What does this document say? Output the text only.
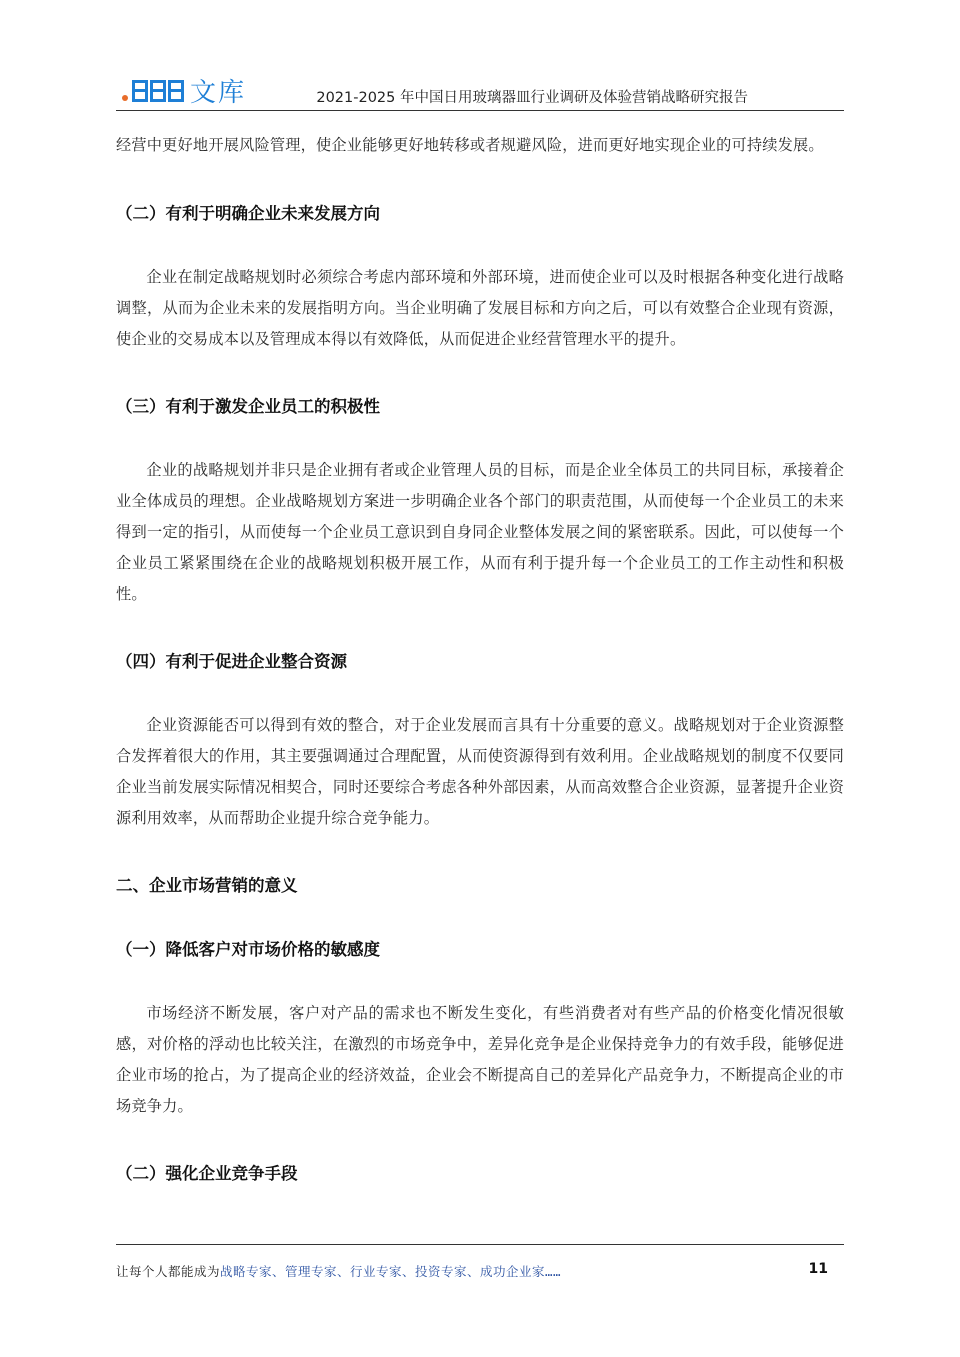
文库	2021-2025 年中国日用玻璃器皿行业调研及体验营销战略研究报告

经营中更好地开展风险管理，使企业能够更好地转移或者规避风险，进而更好地实现企业的可持续发展。

（二）有利于明确企业未来发展方向

企业在制定战略规划时必须综合考虑内部环境和外部环境，进而使企业可以及时根据各种变化进行战略调整，从而为企业未来的发展指明方向。当企业明确了发展目标和方向之后，可以有效整合企业现有资源，使企业的交易成本以及管理成本得以有效降低，从而促进企业经营管理水平的提升。

（三）有利于激发企业员工的积极性

企业的战略规划并非只是企业拥有者或企业管理人员的目标，而是企业全体员工的共同目标，承接着企业全体成员的理想。企业战略规划方案进一步明确企业各个部门的职责范围，从而使每一个企业员工的未来得到一定的指引，从而使每一个企业员工意识到自身同企业整体发展之间的紧密联系。因此，可以使每一个企业员工紧紧围绕在企业的战略规划积极开展工作，从而有利于提升每一个企业员工的工作主动性和积极性。

（四）有利于促进企业整合资源

企业资源能否可以得到有效的整合，对于企业发展而言具有十分重要的意义。战略规划对于企业资源整合发挥着很大的作用，其主要强调通过合理配置，从而使资源得到有效利用。企业战略规划的制度不仅要同企业当前发展实际情况相契合，同时还要综合考虑各种外部因素，从而高效整合企业资源，显著提升企业资源利用效率，从而帮助企业提升综合竞争能力。

二、企业市场营销的意义
（一）降低客户对市场价格的敏感度

市场经济不断发展，客户对产品的需求也不断发生变化，有些消费者对有些产品的价格变化情况很敏感，对价格的浮动也比较关注，在激烈的市场竞争中，差异化竞争是企业保持竞争力的有效手段，能够促进企业市场的抢占，为了提高企业的经济效益，企业会不断提高自己的差异化产品竞争力，不断提高企业的市场竞争力。

（二）强化企业竞争手段
让每个人都能成为战略专家、管理专家、行业专家、投资专家、成功企业家……	11
